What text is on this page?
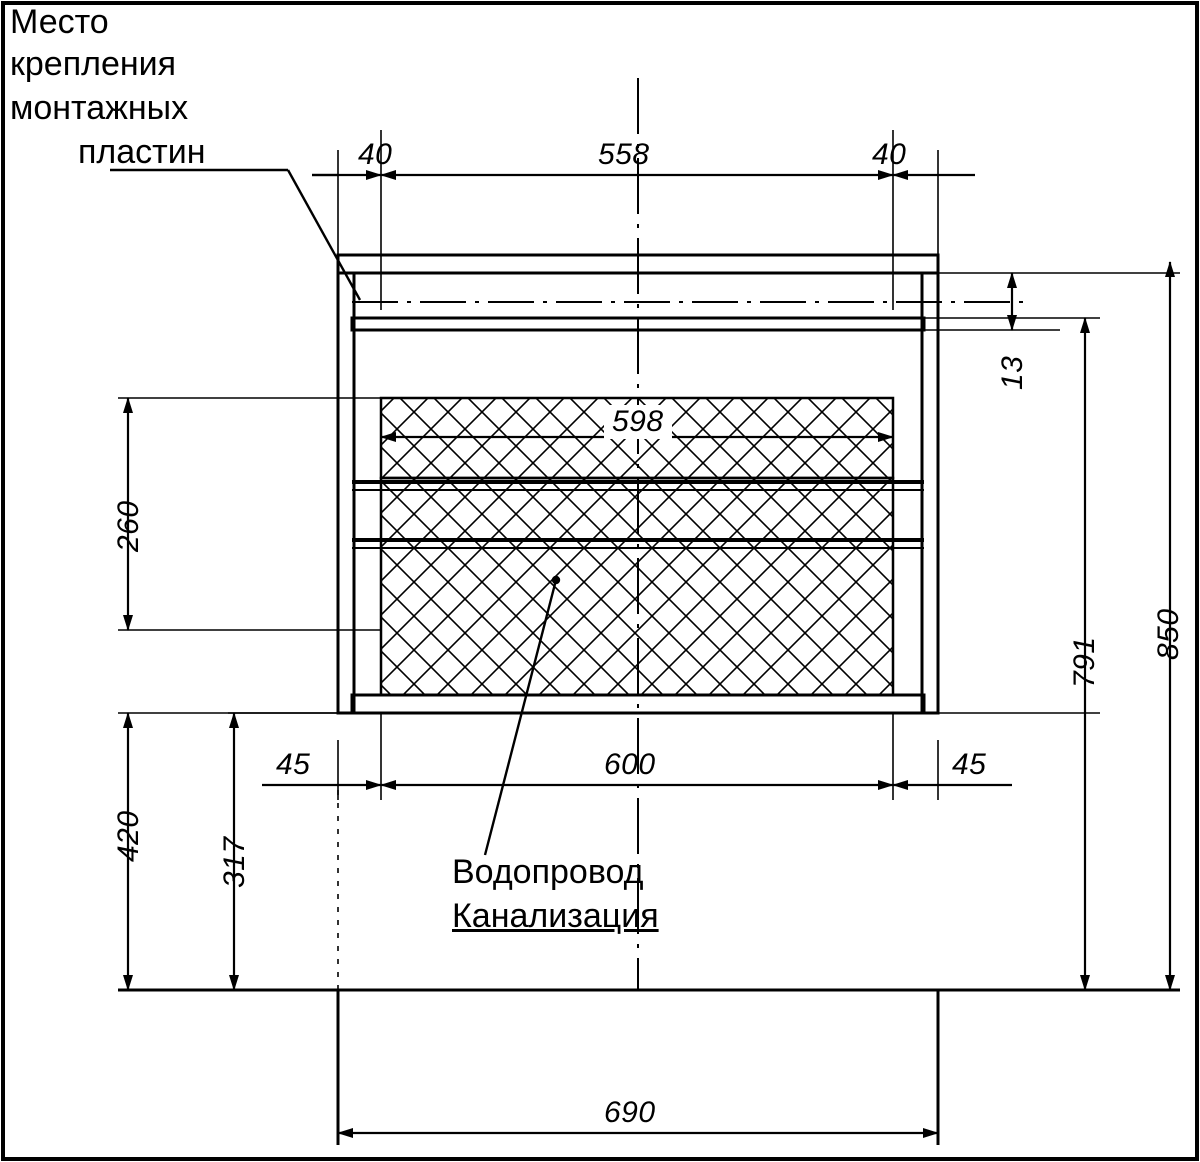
Место
крепления
монтажных
пластин
Водопровод
Канализация
40	558	40
598
600
45	45
690
260
420
317
13
791
850
